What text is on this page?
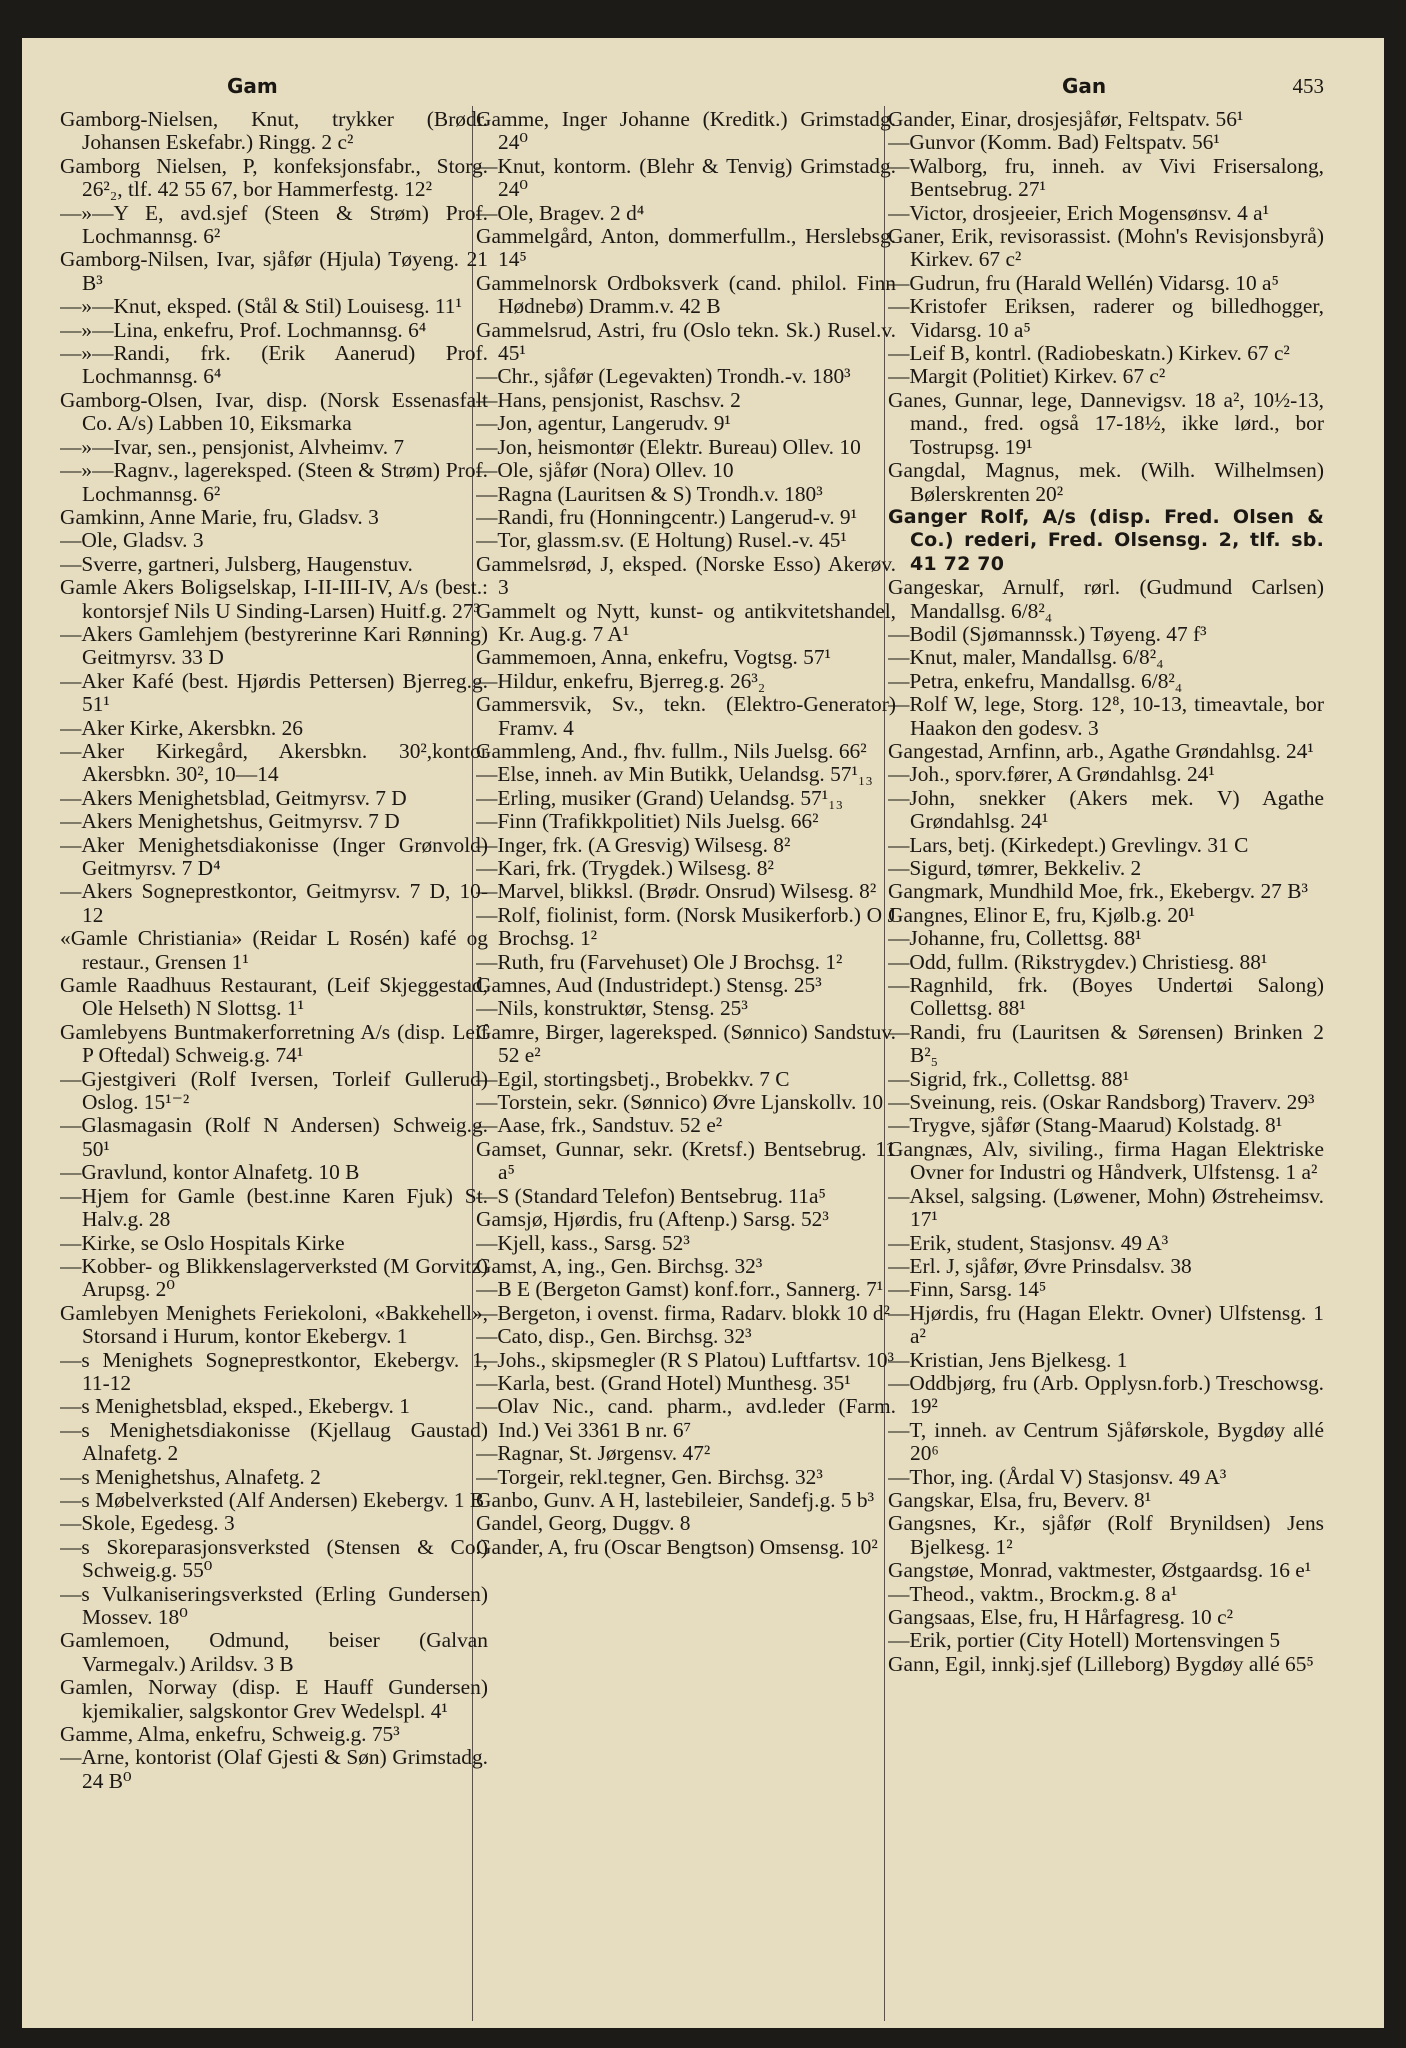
Gam	Gan	453

Gamborg-Nielsen, Knut, trykker (Brødr. Johansen Eskefabr.) Ringg. 2 c²

Gamborg Nielsen, P, konfeksjonsfabr., Storg. 26²₂, tlf. 42 55 67, bor Hammerfestg. 12²

—»—Y E, avd.sjef (Steen & Strøm) Prof. Lochmannsg. 6²

Gamborg-Nilsen, Ivar, sjåfør (Hjula) Tøyeng. 21 B³

—»—Knut, eksped. (Stål & Stil) Louisesg. 11¹

—»—Lina, enkefru, Prof. Lochmannsg. 6⁴

—»—Randi, frk. (Erik Aanerud) Prof. Lochmannsg. 6⁴

Gamborg-Olsen, Ivar, disp. (Norsk Essenasfalt Co. A/s) Labben 10, Eiksmarka

—»—Ivar, sen., pensjonist, Alvheimv. 7

—»—Ragnv., lagereksped. (Steen & Strøm) Prof. Lochmannsg. 6²

Gamkinn, Anne Marie, fru, Gladsv. 3

—Ole, Gladsv. 3

—Sverre, gartneri, Julsberg, Haugenstuv.

Gamle Akers Boligselskap, I-II-III-IV, A/s (best.: kontorsjef Nils U Sinding-Larsen) Huitf.g. 27³

—Akers Gamlehjem (bestyrerinne Kari Rønning) Geitmyrsv. 33 D

—Aker Kafé (best. Hjørdis Pettersen) Bjerreg.g. 51¹

—Aker Kirke, Akersbkn. 26

—Aker Kirkegård, Akersbkn. 30²,kontor Akersbkn. 30², 10—14

—Akers Menighetsblad, Geitmyrsv. 7 D

—Akers Menighetshus, Geitmyrsv. 7 D

—Aker Menighetsdiakonisse (Inger Grønvold) Geitmyrsv. 7 D⁴

—Akers Sogneprestkontor, Geitmyrsv. 7 D, 10-12

«Gamle Christiania» (Reidar L Rosén) kafé og restaur., Grensen 1¹

Gamle Raadhuus Restaurant, (Leif Skjeggestad, Ole Helseth) N Slottsg. 1¹

Gamlebyens Buntmakerforretning A/s (disp. Leif P Oftedal) Schweig.g. 74¹

—Gjestgiveri (Rolf Iversen, Torleif Gullerud) Oslog. 15¹⁻²

—Glasmagasin (Rolf N Andersen) Schweig.g. 50¹

—Gravlund, kontor Alnafetg. 10 B

—Hjem for Gamle (best.inne Karen Fjuk) St. Halv.g. 28

—Kirke, se Oslo Hospitals Kirke

—Kobber- og Blikkenslagerverksted (M Gorvitz) Arupsg. 2⁰

Gamlebyen Menighets Feriekoloni, «Bakkehell», Storsand i Hurum, kontor Ekebergv. 1

—s Menighets Sogneprestkontor, Ekebergv. 1, 11-12

—s Menighetsblad, eksped., Ekebergv. 1

—s Menighetsdiakonisse (Kjellaug Gaustad) Alnafetg. 2

—s Menighetshus, Alnafetg. 2

—s Møbelverksted (Alf Andersen) Ekebergv. 1 B

—Skole, Egedesg. 3

—s Skoreparasjonsverksted (Stensen & Co.) Schweig.g. 55⁰

—s Vulkaniseringsverksted (Erling Gundersen) Mossev. 18⁰

Gamlemoen, Odmund, beiser (Galvan Varmegalv.) Arildsv. 3 B

Gamlen, Norway (disp. E Hauff Gundersen) kjemikalier, salgskontor Grev Wedelspl. 4¹

Gamme, Alma, enkefru, Schweig.g. 75³

—Arne, kontorist (Olaf Gjesti & Søn) Grimstadg. 24 B⁰

Gamme, Inger Johanne (Kreditk.) Grimstadg. 24⁰

—Knut, kontorm. (Blehr & Tenvig) Grimstadg. 24⁰

—Ole, Bragev. 2 d⁴

Gammelgård, Anton, dommerfullm., Herslebsg. 14⁵

Gammelnorsk Ordboksverk (cand. philol. Finn Hødnebø) Dramm.v. 42 B

Gammelsrud, Astri, fru (Oslo tekn. Sk.) Rusel.v. 45¹

—Chr., sjåfør (Legevakten) Trondh.-v. 180³

—Hans, pensjonist, Raschsv. 2

—Jon, agentur, Langerudv. 9¹

—Jon, heismontør (Elektr. Bureau) Ollev. 10

—Ole, sjåfør (Nora) Ollev. 10

—Ragna (Lauritsen & S) Trondh.v. 180³

—Randi, fru (Honningcentr.) Langerud-v. 9¹

—Tor, glassm.sv. (E Holtung) Rusel.-v. 45¹

Gammelsrød, J, eksped. (Norske Esso) Akerøv. 3

Gammelt og Nytt, kunst- og antikvitetshandel, Kr. Aug.g. 7 A¹

Gammemoen, Anna, enkefru, Vogtsg. 57¹

—Hildur, enkefru, Bjerreg.g. 26³₂

Gammersvik, Sv., tekn. (Elektro-Generator) Framv. 4

Gammleng, And., fhv. fullm., Nils Juelsg. 66²

—Else, inneh. av Min Butikk, Uelandsg. 57¹₁₃

—Erling, musiker (Grand) Uelandsg. 57¹₁₃

—Finn (Trafikkpolitiet) Nils Juelsg. 66²

—Inger, frk. (A Gresvig) Wilsesg. 8²

—Kari, frk. (Trygdek.) Wilsesg. 8²

—Marvel, blikksl. (Brødr. Onsrud) Wilsesg. 8²

—Rolf, fiolinist, form. (Norsk Musikerforb.) O J Brochsg. 1²

—Ruth, fru (Farvehuset) Ole J Brochsg. 1²

Gamnes, Aud (Industridept.) Stensg. 25³

—Nils, konstruktør, Stensg. 25³

Gamre, Birger, lagereksped. (Sønnico) Sandstuv. 52 e²

—Egil, stortingsbetj., Brobekkv. 7 C

—Torstein, sekr. (Sønnico) Øvre Ljanskollv. 10

—Aase, frk., Sandstuv. 52 e²

Gamset, Gunnar, sekr. (Kretsf.) Bentsebrug. 11 a⁵

—S (Standard Telefon) Bentsebrug. 11a⁵

Gamsjø, Hjørdis, fru (Aftenp.) Sarsg. 52³

—Kjell, kass., Sarsg. 52³

Gamst, A, ing., Gen. Birchsg. 32³

—B E (Bergeton Gamst) konf.forr., Sannerg. 7¹

—Bergeton, i ovenst. firma, Radarv. blokk 10 d²

—Cato, disp., Gen. Birchsg. 32³

—Johs., skipsmegler (R S Platou) Luftfartsv. 10³

—Karla, best. (Grand Hotel) Munthesg. 35¹

—Olav Nic., cand. pharm., avd.leder (Farm. Ind.) Vei 3361 B nr. 6⁷

—Ragnar, St. Jørgensv. 47²

—Torgeir, rekl.tegner, Gen. Birchsg. 32³

Ganbo, Gunv. A H, lastebileier, Sandefj.g. 5 b³

Gandel, Georg, Duggv. 8

Gander, A, fru (Oscar Bengtson) Omsensg. 10²

Gander, Einar, drosjesjåfør, Feltspatv. 56¹

—Gunvor (Komm. Bad) Feltspatv. 56¹

—Walborg, fru, inneh. av Vivi Frisersalong, Bentsebrug. 27¹

—Victor, drosjeeier, Erich Mogensønsv. 4 a¹

Ganer, Erik, revisorassist. (Mohn's Revisjonsbyrå) Kirkev. 67 c²

—Gudrun, fru (Harald Wellén) Vidarsg. 10 a⁵

—Kristofer Eriksen, raderer og billedhogger, Vidarsg. 10 a⁵

—Leif B, kontrl. (Radiobeskatn.) Kirkev. 67 c²

—Margit (Politiet) Kirkev. 67 c²

Ganes, Gunnar, lege, Dannevigsv. 18 a², 10½-13, mand., fred. også 17-18½, ikke lørd., bor Tostrupsg. 19¹

Gangdal, Magnus, mek. (Wilh. Wilhelmsen) Bølerskrenten 20²

Ganger Rolf, A/s (disp. Fred. Olsen & Co.) rederi, Fred. Olsensg. 2, tlf. sb. 41 72 70

Gangeskar, Arnulf, rørl. (Gudmund Carlsen) Mandallsg. 6/8²₄

—Bodil (Sjømannssk.) Tøyeng. 47 f³

—Knut, maler, Mandallsg. 6/8²₄

—Petra, enkefru, Mandallsg. 6/8²₄

—Rolf W, lege, Storg. 12⁸, 10-13, timeavtale, bor Haakon den godesv. 3

Gangestad, Arnfinn, arb., Agathe Grøndahlsg. 24¹

—Joh., sporv.fører, A Grøndahlsg. 24¹

—John, snekker (Akers mek. V) Agathe Grøndahlsg. 24¹

—Lars, betj. (Kirkedept.) Grevlingv. 31 C

—Sigurd, tømrer, Bekkeliv. 2

Gangmark, Mundhild Moe, frk., Ekebergv. 27 B³

Gangnes, Elinor E, fru, Kjølb.g. 20¹

—Johanne, fru, Collettsg. 88¹

—Odd, fullm. (Rikstrygdev.) Christiesg. 88¹

—Ragnhild, frk. (Boyes Undertøi Salong) Collettsg. 88¹

—Randi, fru (Lauritsen & Sørensen) Brinken 2 B²₅

—Sigrid, frk., Collettsg. 88¹

—Sveinung, reis. (Oskar Randsborg) Traverv. 29³

—Trygve, sjåfør (Stang-Maarud) Kolstadg. 8¹

Gangnæs, Alv, siviling., firma Hagan Elektriske Ovner for Industri og Håndverk, Ulfstensg. 1 a²

—Aksel, salgsing. (Løwener, Mohn) Østreheimsv. 17¹

—Erik, student, Stasjonsv. 49 A³

—Erl. J, sjåfør, Øvre Prinsdalsv. 38

—Finn, Sarsg. 14⁵

—Hjørdis, fru (Hagan Elektr. Ovner) Ulfstensg. 1 a²

—Kristian, Jens Bjelkesg. 1

—Oddbjørg, fru (Arb. Opplysn.forb.) Treschowsg. 19²

—T, inneh. av Centrum Sjåførskole, Bygdøy allé 20⁶

—Thor, ing. (Årdal V) Stasjonsv. 49 A³

Gangskar, Elsa, fru, Beverv. 8¹

Gangsnes, Kr., sjåfør (Rolf Brynildsen) Jens Bjelkesg. 1²

Gangstøe, Monrad, vaktmester, Østgaardsg. 16 e¹

—Theod., vaktm., Brockm.g. 8 a¹

Gangsaas, Else, fru, H Hårfagresg. 10 c²

—Erik, portier (City Hotell) Mortensvingen 5

Gann, Egil, innkj.sjef (Lilleborg) Bygdøy allé 65⁵
